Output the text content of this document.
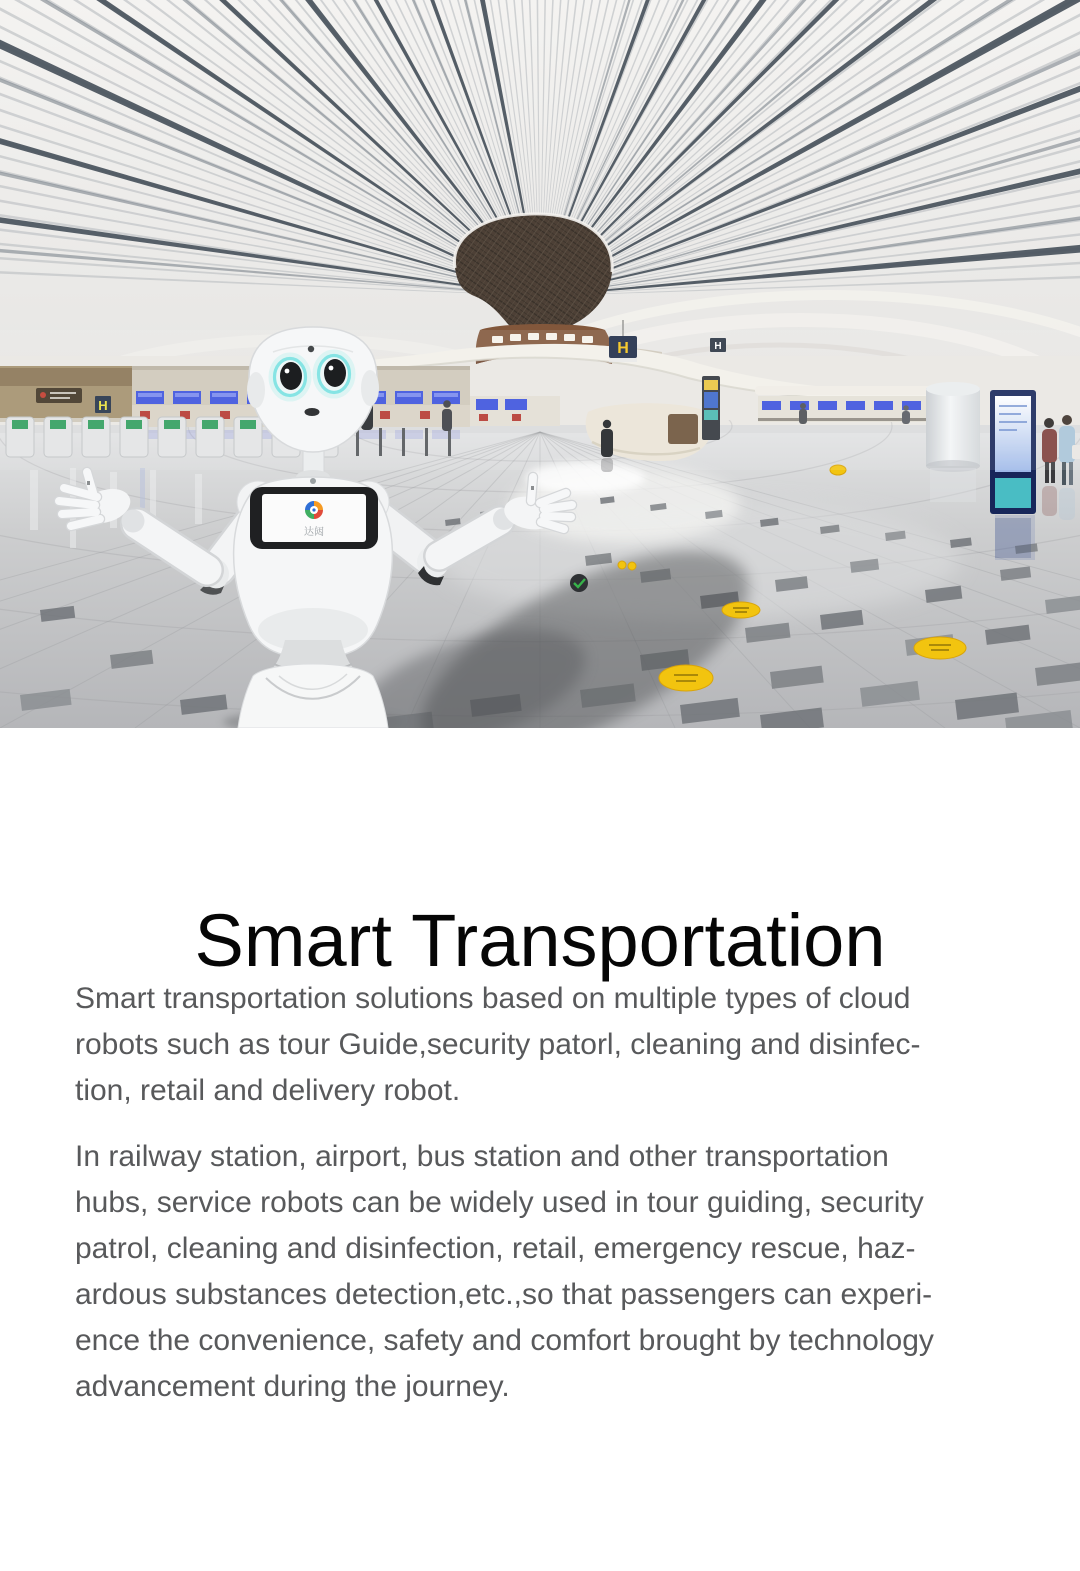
H	H
H
达闼
Smart Transportation
Smart transportation solutions based on multiple types of cloud
robots such as tour Guide,security patorl, cleaning and disinfec-
tion, retail and delivery robot.
In railway station, airport, bus station and other transportation
hubs, service robots can be widely used in tour guiding, security
patrol, cleaning and disinfection, retail, emergency rescue, haz-
ardous substances detection,etc.,so that passengers can experi-
ence the convenience, safety and comfort brought by technology
advancement during the journey.
